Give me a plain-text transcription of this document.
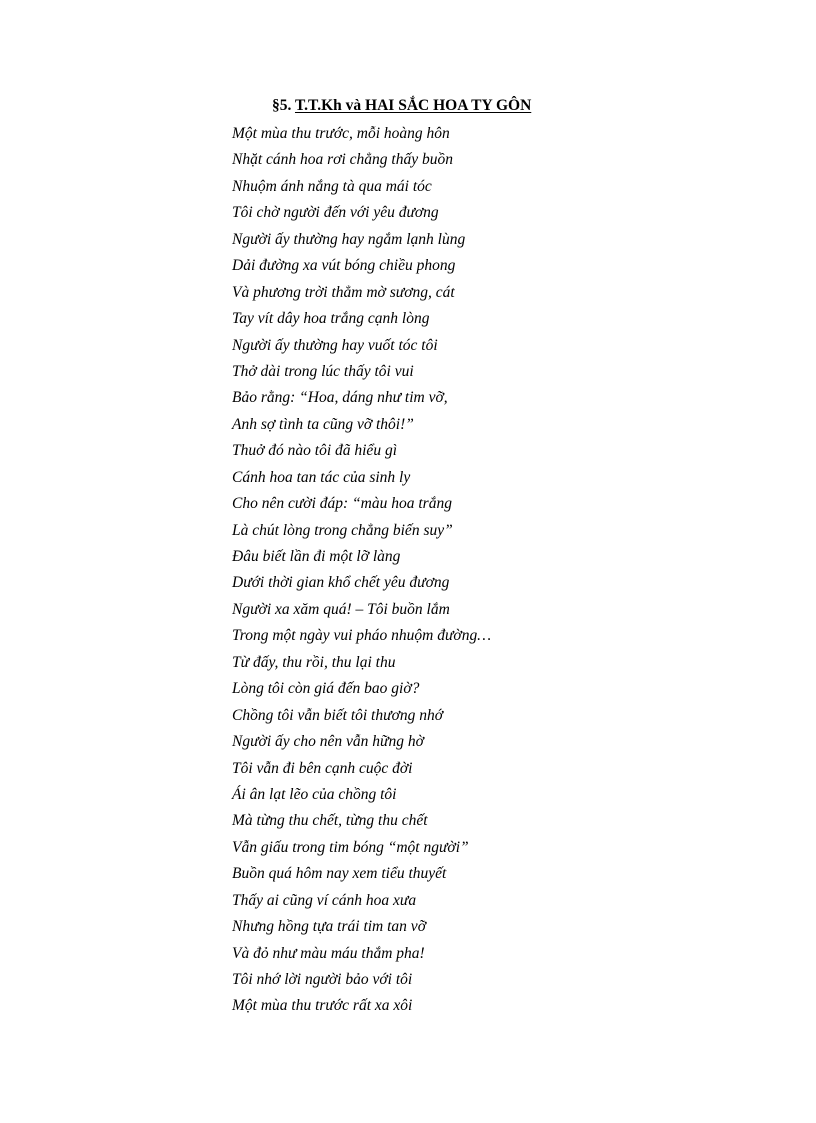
§5. T.T.Kh và HAI SẮC HOA TY GÔN
Một mùa thu trước, mỗi hoàng hôn
Nhặt cánh hoa rơi chẳng thấy buồn
Nhuộm ánh nắng tà qua mái tóc
Tôi chờ người đến với yêu đương
Người ấy thường hay ngắm lạnh lùng
Dải đường xa vút bóng chiều phong
Và phương trời thẳm mờ sương, cát
Tay vít dây hoa trắng cạnh lòng
Người ấy thường hay vuốt tóc tôi
Thở dài trong lúc thấy tôi vui
Bảo rằng: “Hoa, dáng như tim vỡ,
Anh sợ tình ta cũng vỡ thôi!”
Thuở đó nào tôi đã hiểu gì
Cánh hoa tan tác của sinh ly
Cho nên cười đáp: “màu hoa trắng
Là chút lòng trong chẳng biến suy”
Đâu biết lần đi một lỡ làng
Dưới thời gian khổ chết yêu đương
Người xa xăm quá! – Tôi buồn lắm
Trong một ngày vui pháo nhuộm đường…
Từ đấy, thu rồi, thu lại thu
Lòng tôi còn giá đến bao giờ?
Chồng tôi vẫn biết tôi thương nhớ
Người ấy cho nên vẫn hững hờ
Tôi vẫn đi bên cạnh cuộc đời
Ái ân lạt lẽo của chồng tôi
Mà từng thu chết, từng thu chết
Vẫn giấu trong tim bóng “một người”
Buồn quá hôm nay xem tiểu thuyết
Thấy ai cũng ví cánh hoa xưa
Nhưng hồng tựa trái tim tan vỡ
Và đỏ như màu máu thắm pha!
Tôi nhớ lời người bảo với tôi
Một mùa thu trước rất xa xôi
